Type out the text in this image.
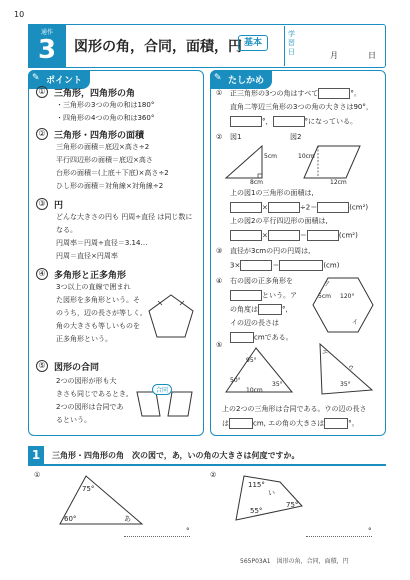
10
通作
3	図形の角，合同，面積，円 基本
学習日	月	日
✎ ポイント
① 三角形，四角形の角
・三角形の3つの角の和は180°
・四角形の4つの角の和は360°
② 三角形・四角形の面積
三角形の面積＝底辺×高さ÷2
平行四辺形の面積＝底辺×高さ
台形の面積＝(上底＋下底)×高さ÷2
ひし形の面積＝対角線×対角線÷2
③ 円
どんな大きさの円も 円周÷直径 は同じ数に
なる。
円周率＝円周÷直径＝3.14…
円周＝直径×円周率
④ 多角形と正多角形
3つ以上の直線で囲まれ
た図形を多角形という。そ
のうち，辺の長さが等しく,
角の大きさも等しいものを
正多角形という。
⑤ 図形の合同
2つの図形が形も大
きさも同じであるとき,
2つの図形は合同であ
るという。
合同
✎ たしかめ
① 正三角形の3つの角はすべて	°。
直角二等辺三角形の3つの角の大きさは90°，
°，	°になっている。
② 図1	図2
5cm
8cm
10cm
12cm
上の図1の三角形の面積は,
×	÷2＝	(cm²)
上の図2の平行四辺形の面積は,
×	＝	(cm²)
③ 直径が3cmの円の円周は,
3×	＝	(cm)
④ 右の図の正多角形を
という。ア
の角度は	°,
イの辺の長さは
cmである。
ア
5cm 120°
イ
⑤
95°
50°
35°
10cm
エ
ウ
35°
上の2つの三角形は合同である。ウの辺の長さ
は	cm, エの角の大きさは	°。
1	三角形・四角形の角　次の図で，あ，いの角の大きさは何度ですか。
①
75°
60°	あ
°
②
115°
55°
い
75°
°
565P03A1　図形の角，合同，面積，円
